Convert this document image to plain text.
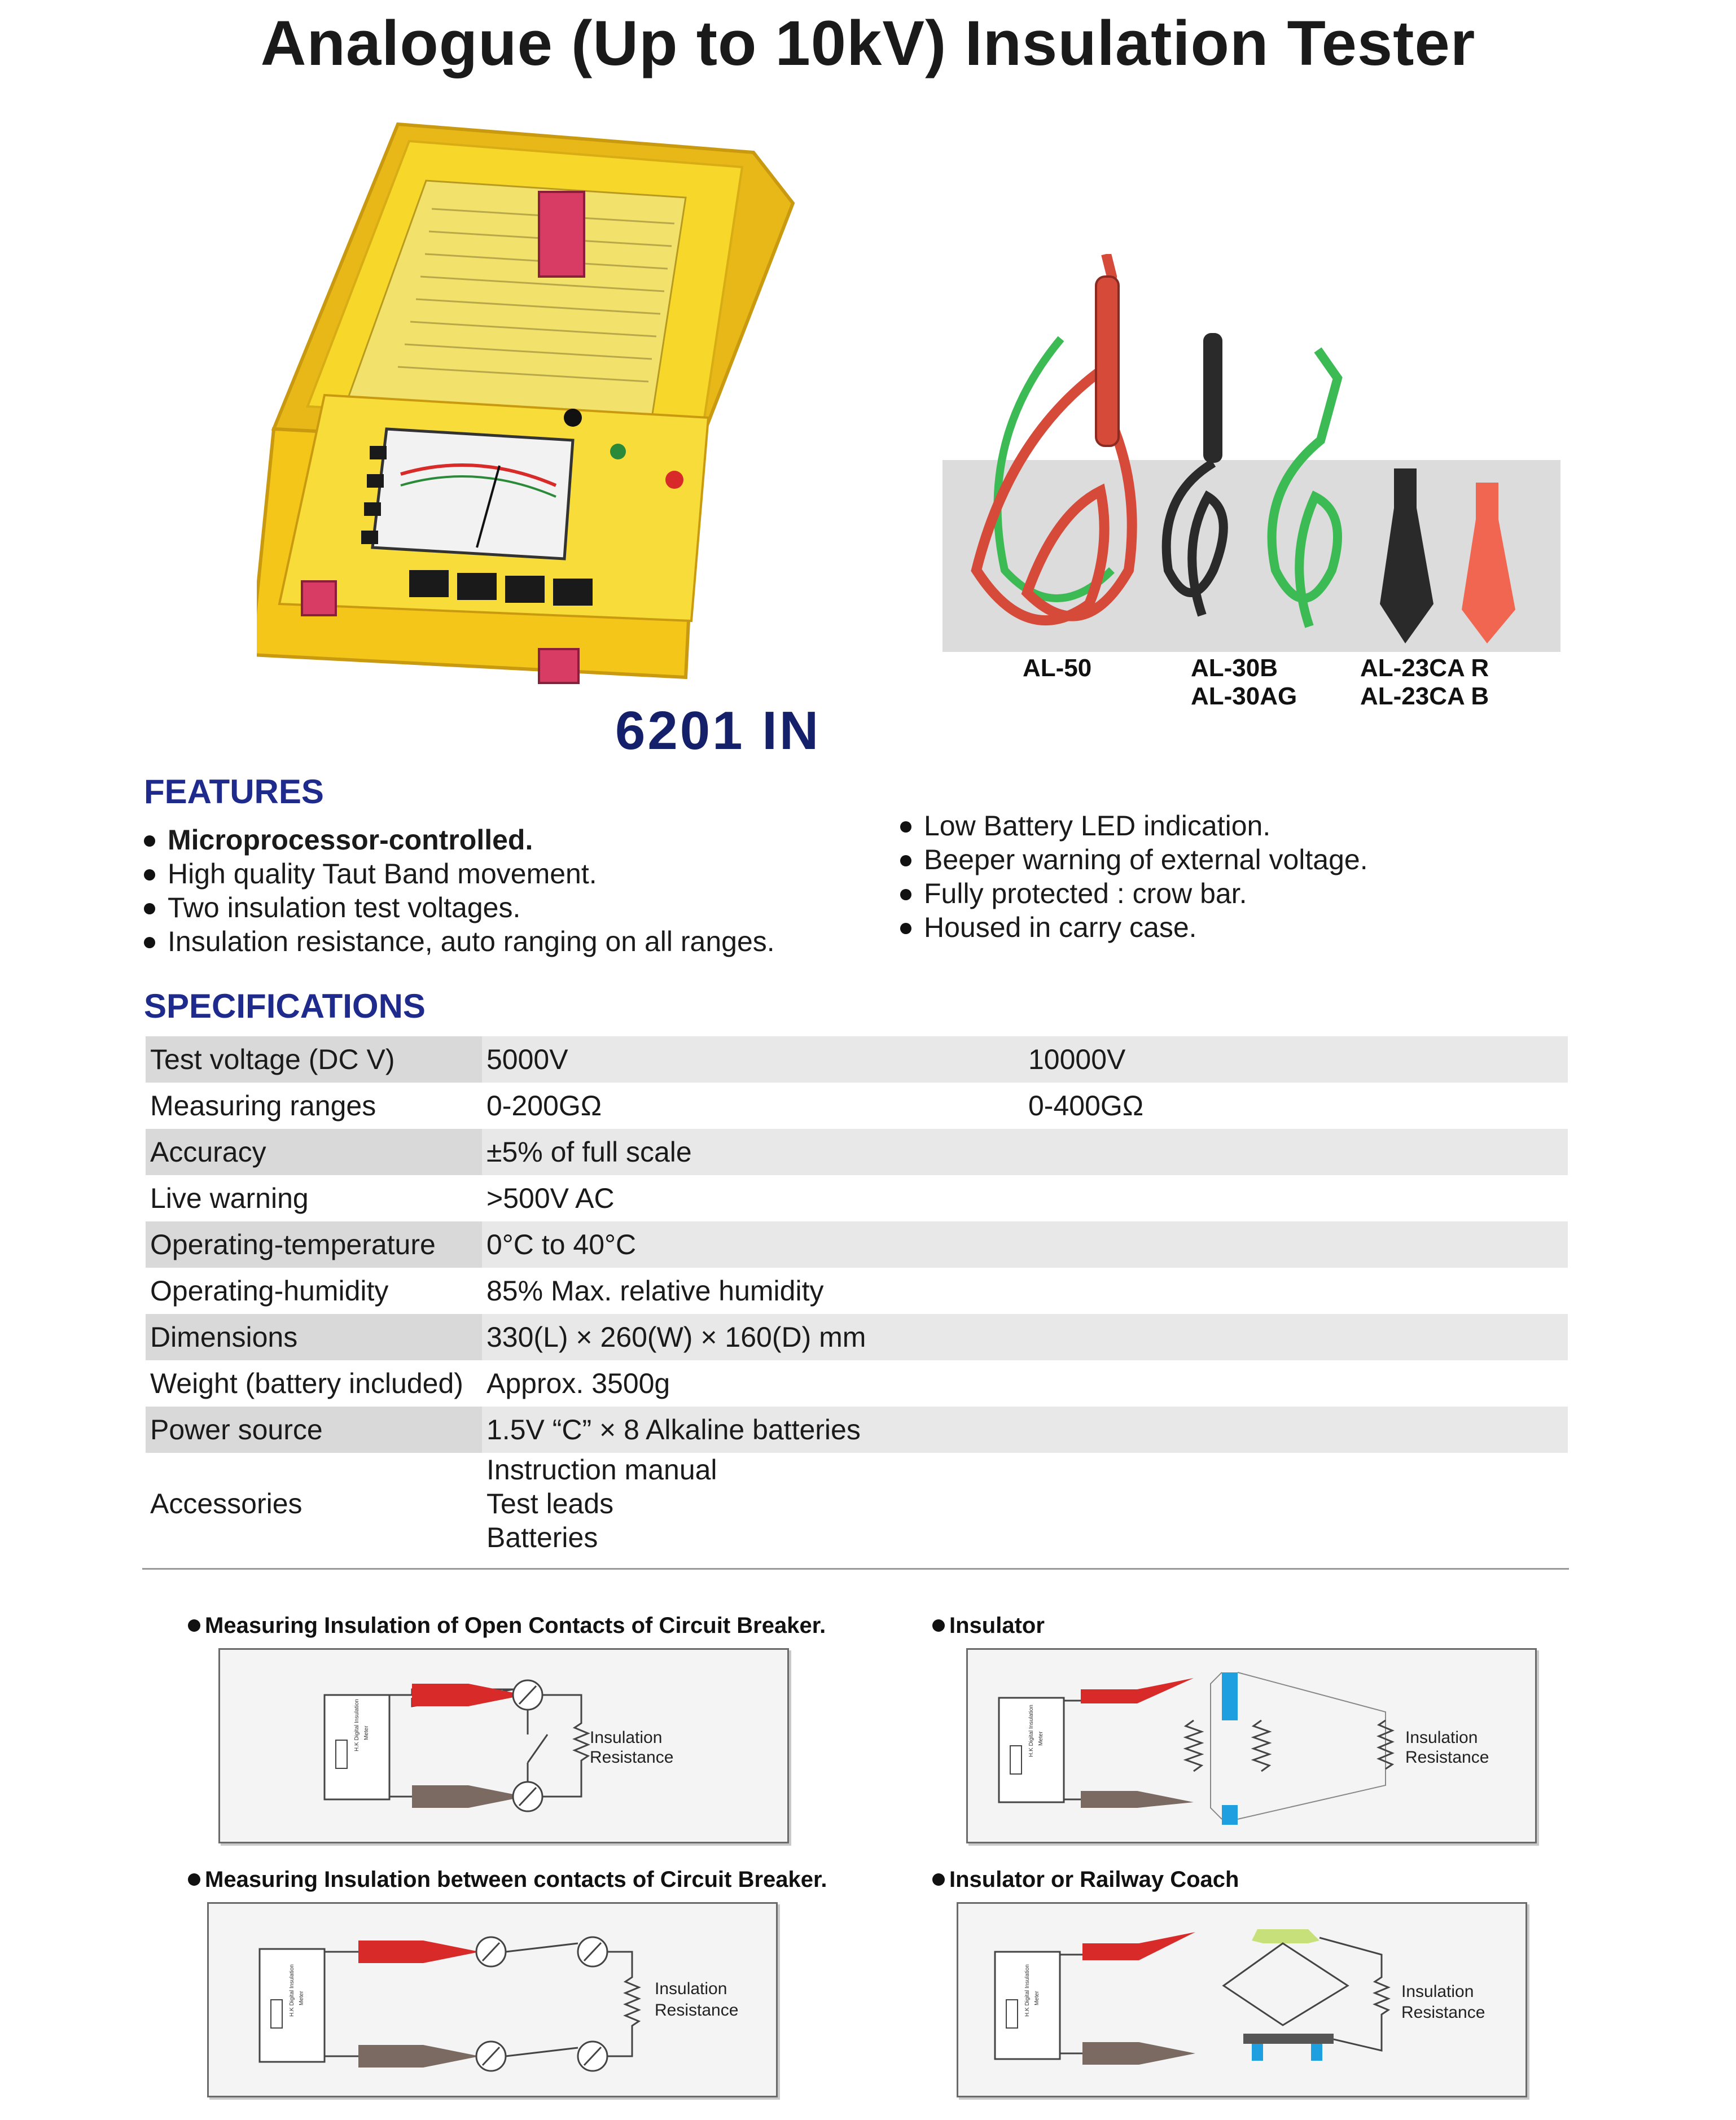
Analogue (Up to 10kV) Insulation Tester
6201 IN
AL-50	AL-30B
AL-30AG
AL-23CA R
AL-23CA B
FEATURES
Microprocessor-controlled.
High quality Taut Band movement.
Two insulation test voltages.
Insulation resistance, auto ranging on all ranges.
Low Battery LED indication.
Beeper warning of external voltage.
Fully protected : crow bar.
Housed in carry case.
SPECIFICATIONS
Test voltage (DC V)	5000V	10000V
Measuring ranges	0-200GΩ	0-400GΩ
Accuracy	±5% of full scale	
Live warning	>500V AC	
Operating-temperature	0°C to 40°C	
Operating-humidity	85% Max. relative humidity	
Dimensions	330(L) × 260(W) × 160(D) mm	
Weight (battery included)	Approx. 3500g	
Power source	1.5V “C” × 8 Alkaline batteries	
Accessories	Instruction manual
Test leads
Batteries	

Measuring Insulation of Open Contacts of Circuit Breaker.	Insulator
Measuring Insulation between contacts of Circuit Breaker.	Insulator or Railway Coach
H.K Digital Insulation Meter	Insulation
Resistance
H.K Digital Insulation Meter	Insulation
Resistance
H.K Digital Insulation Meter
Insulation
Resistance	H.K Digital Insulation Meter	Insulation
Resistance
